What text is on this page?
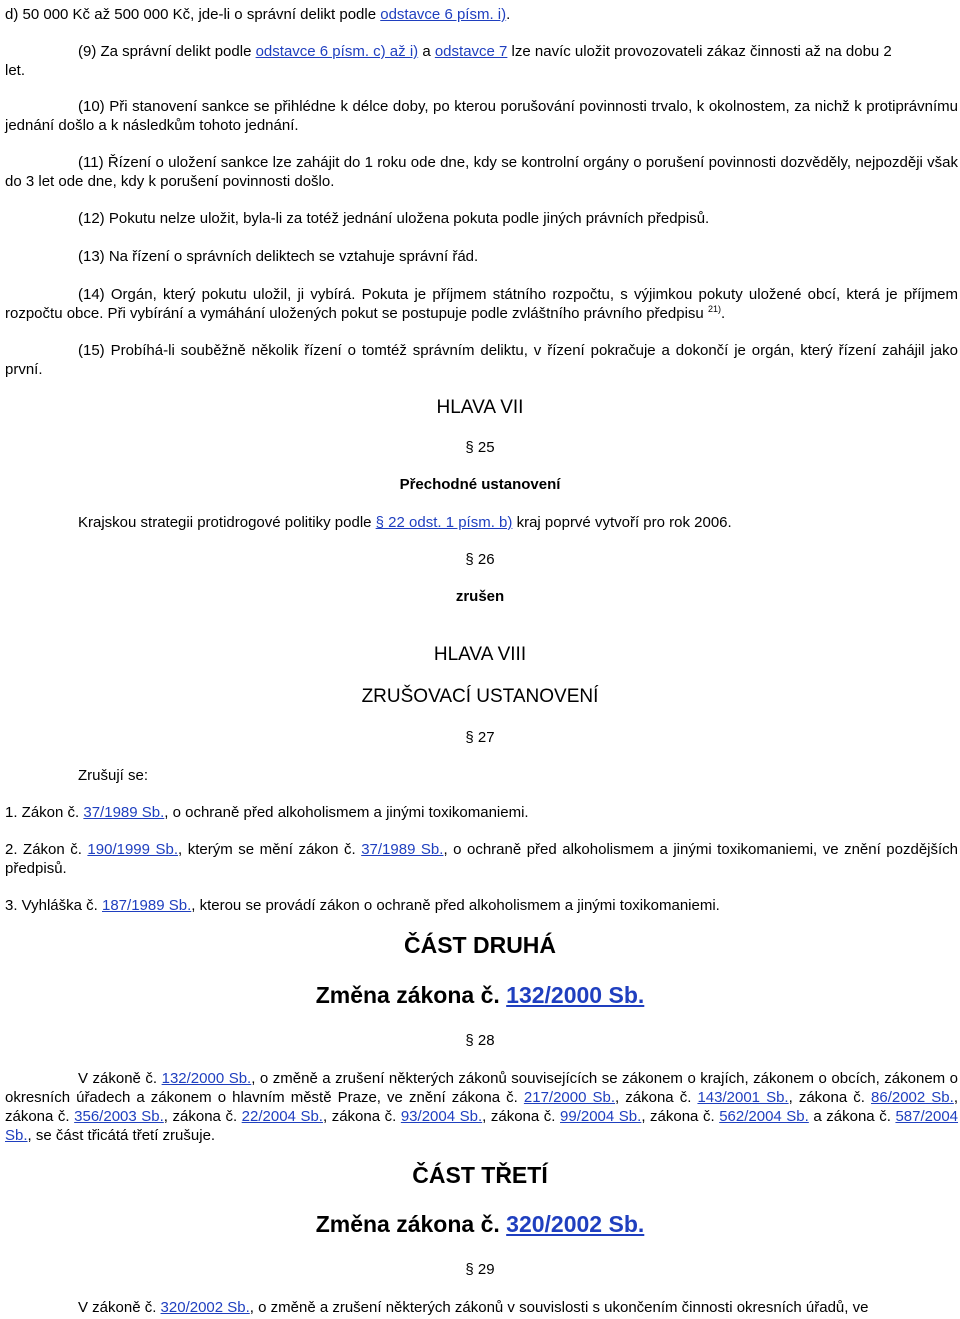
d) 50 000 Kč až 500 000 Kč, jde-li o správní delikt podle odstavce 6 písm. i).

(9) Za správní delikt podle odstavce 6 písm. c) až i) a odstavce 7 lze navíc uložit provozovateli zákaz činnosti až na dobu 2

let.

(10) Při stanovení sankce se přihlédne k délce doby, po kterou porušování povinnosti trvalo, k okolnostem, za nichž k protiprávnímu jednání došlo a k následkům tohoto jednání.

(11) Řízení o uložení sankce lze zahájit do 1 roku ode dne, kdy se kontrolní orgány o porušení povinnosti dozvěděly, nejpozději však do 3 let ode dne, kdy k porušení povinnosti došlo.

(12) Pokutu nelze uložit, byla-li za totéž jednání uložena pokuta podle jiných právních předpisů.

(13) Na řízení o správních deliktech se vztahuje správní řád.

(14) Orgán, který pokutu uložil, ji vybírá. Pokuta je příjmem státního rozpočtu, s výjimkou pokuty uložené obcí, která je příjmem rozpočtu obce. Při vybírání a vymáhání uložených pokut se postupuje podle zvláštního právního předpisu $^{21)}$.

(15) Probíhá-li souběžně několik řízení o tomtéž správním deliktu, v řízení pokračuje a dokončí je orgán, který řízení zahájil jako první.

HLAVA VII

§ 25

Přechodné ustanovení

Krajskou strategii protidrogové politiky podle § 22 odst. 1 písm. b) kraj poprvé vytvoří pro rok 2006.

§ 26

zrušen

HLAVA VIII

ZRUŠOVACÍ USTANOVENÍ

§ 27

Zrušují se:

1. Zákon č. 37/1989 Sb., o ochraně před alkoholismem a jinými toxikomaniemi.

2. Zákon č. 190/1999 Sb., kterým se mění zákon č. 37/1989 Sb., o ochraně před alkoholismem a jinými toxikomaniemi, ve znění pozdějších předpisů.

3. Vyhláška č. 187/1989 Sb., kterou se provádí zákon o ochraně před alkoholismem a jinými toxikomaniemi.

ČÁST DRUHÁ

Změna zákona č. 132/2000 Sb.

§ 28

V zákoně č. 132/2000 Sb., o změně a zrušení některých zákonů souvisejících se zákonem o krajích, zákonem o obcích, zákonem o okresních úřadech a zákonem o hlavním městě Praze, ve znění zákona č. 217/2000 Sb., zákona č. 143/2001 Sb., zákona č. 86/2002 Sb., zákona č. 356/2003 Sb., zákona č. 22/2004 Sb., zákona č. 93/2004 Sb., zákona č. 99/2004 Sb., zákona č. 562/2004 Sb. a zákona č. 587/2004 Sb., se část třicátá třetí zrušuje.

ČÁST TŘETÍ

Změna zákona č. 320/2002 Sb.

§ 29

V zákoně č. 320/2002 Sb., o změně a zrušení některých zákonů v souvislosti s ukončením činnosti okresních úřadů, ve
